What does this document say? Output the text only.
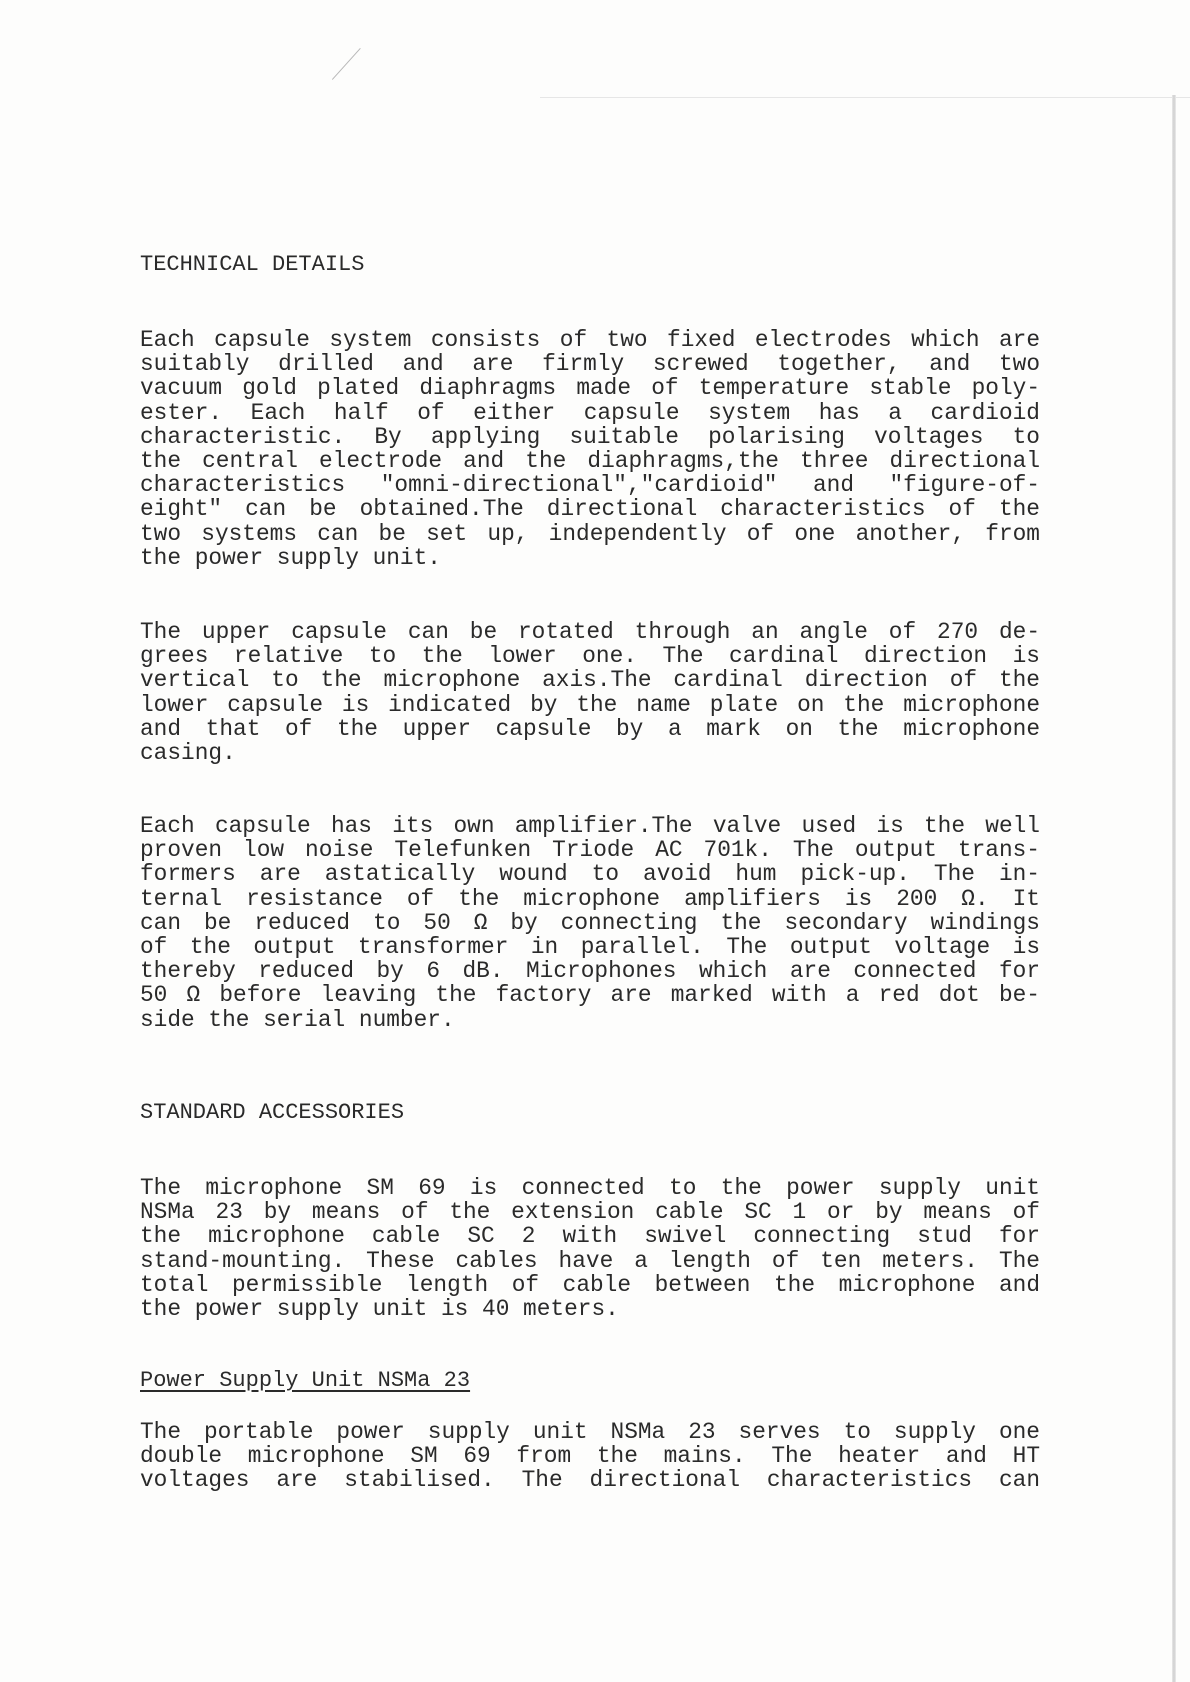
TECHNICAL DETAILS
Each capsule system consists of two fixed electrodes which are
suitably drilled and are firmly screwed together, and two
vacuum gold plated diaphragms made of temperature stable poly-
ester. Each half of either capsule system has a cardioid
characteristic. By applying suitable polarising voltages to
the central electrode and the diaphragms,the three directional
characteristics "omni-directional","cardioid" and "figure-of-
eight" can be obtained.The directional characteristics of the
two systems can be set up, independently of one another, from
the power supply unit.
The upper capsule can be rotated through an angle of 270 de-
grees relative to the lower one. The cardinal direction is
vertical to the microphone axis.The cardinal direction of the
lower capsule is indicated by the name plate on the microphone
and that of the upper capsule by a mark on the microphone
casing.
Each capsule has its own amplifier.The valve used is the well
proven low noise Telefunken Triode AC 701k. The output trans-
formers are astatically wound to avoid hum pick-up. The in-
ternal resistance of the microphone amplifiers is 200 Ω. It
can be reduced to 50 Ω by connecting the secondary windings
of the output transformer in parallel. The output voltage is
thereby reduced by 6 dB. Microphones which are connected for
50 Ω before leaving the factory are marked with a red dot be-
side the serial number.
STANDARD ACCESSORIES
The microphone SM 69 is connected to the power supply unit
NSMa 23 by means of the extension cable SC 1 or by means of
the microphone cable SC 2 with swivel connecting stud for
stand-mounting. These cables have a length of ten meters. The
total permissible length of cable between the microphone and
the power supply unit is 40 meters.
Power Supply Unit NSMa 23
The portable power supply unit NSMa 23 serves to supply one
double microphone SM 69 from the mains. The heater and HT
voltages are stabilised. The directional characteristics can
